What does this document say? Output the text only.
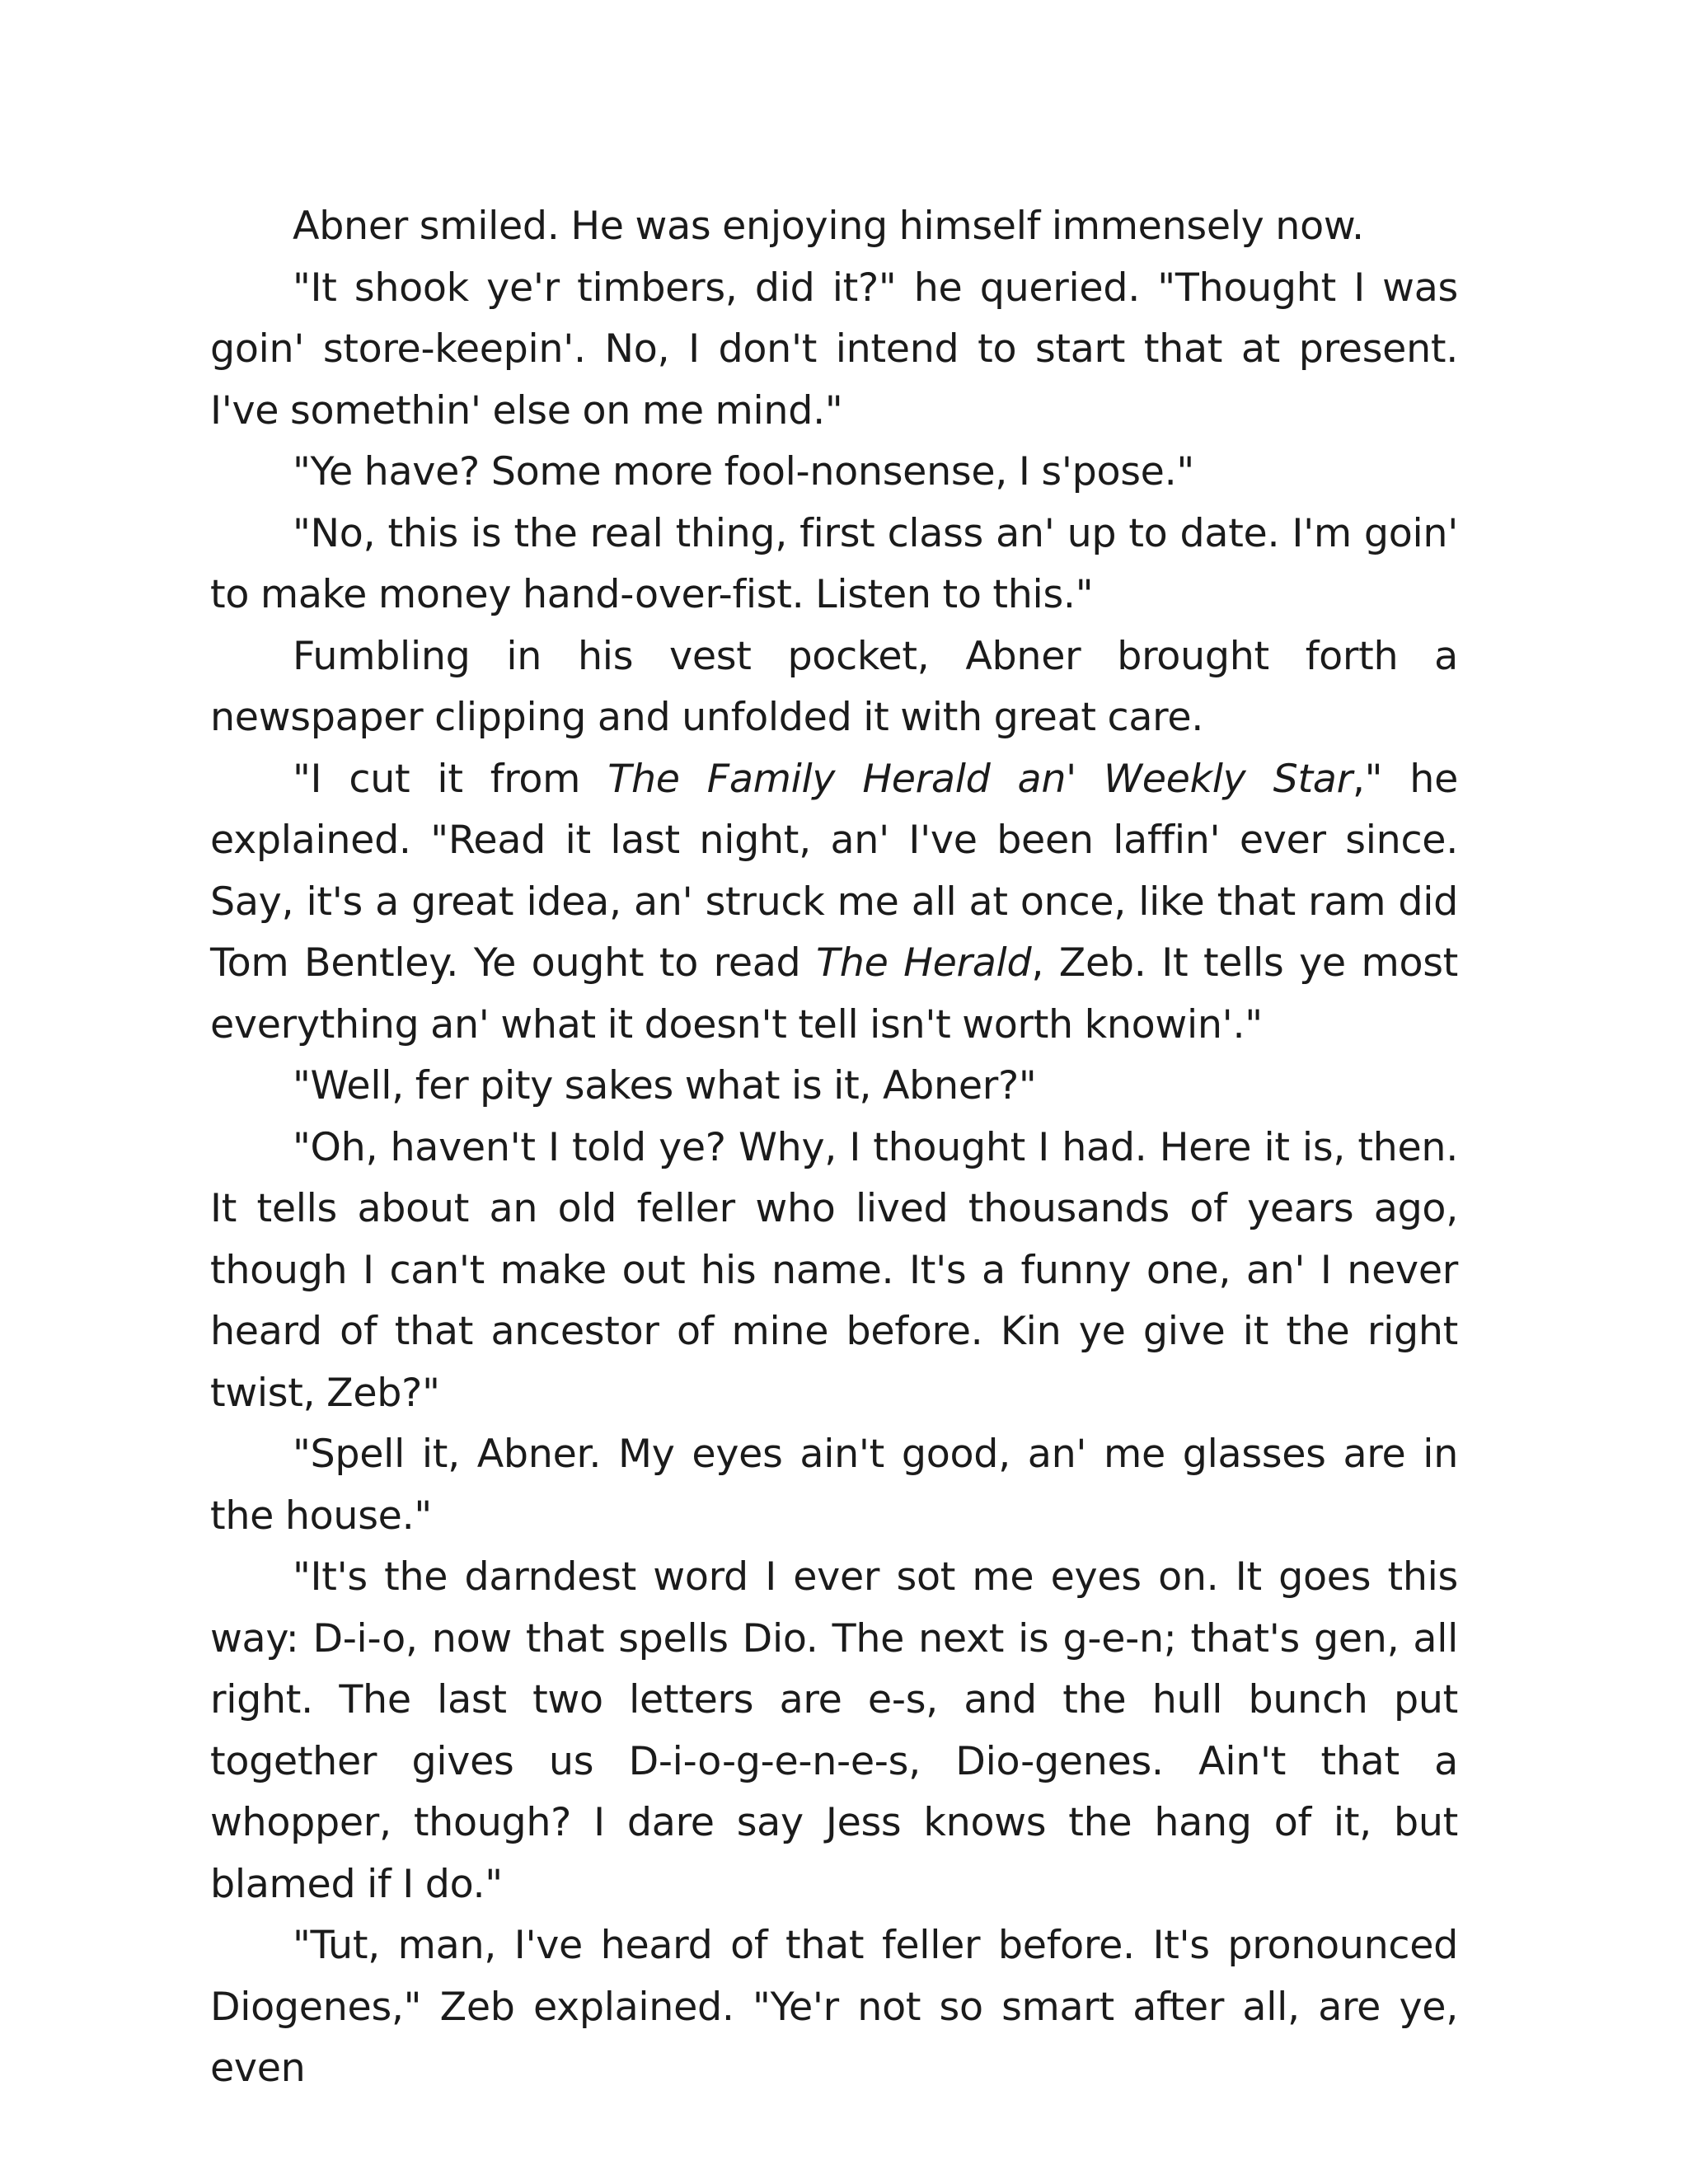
Abner smiled. He was enjoying himself immensely now.

"It shook ye'r timbers, did it?" he queried. "Thought I was goin' store-keepin'. No, I don't intend to start that at present. I've somethin' else on me mind."

"Ye have? Some more fool-nonsense, I s'pose."

"No, this is the real thing, first class an' up to date. I'm goin' to make money hand-over-fist. Listen to this."

Fumbling in his vest pocket, Abner brought forth a newspaper clipping and unfolded it with great care.

"I cut it from The Family Herald an' Weekly Star," he explained. "Read it last night, an' I've been laffin' ever since. Say, it's a great idea, an' struck me all at once, like that ram did Tom Bentley. Ye ought to read The Herald, Zeb. It tells ye most everything an' what it doesn't tell isn't worth knowin'."

"Well, fer pity sakes what is it, Abner?"

"Oh, haven't I told ye? Why, I thought I had. Here it is, then. It tells about an old feller who lived thousands of years ago, though I can't make out his name. It's a funny one, an' I never heard of that ancestor of mine before. Kin ye give it the right twist, Zeb?"

"Spell it, Abner. My eyes ain't good, an' me glasses are in the house."

"It's the darndest word I ever sot me eyes on. It goes this way: D-i-o, now that spells Dio. The next is g-e-n; that's gen, all right. The last two letters are e-s, and the hull bunch put together gives us D-i-o-g-e-n-e-s, Dio-genes. Ain't that a whopper, though? I dare say Jess knows the hang of it, but blamed if I do."

"Tut, man, I've heard of that feller before. It's pronounced Diogenes," Zeb explained. "Ye'r not so smart after all, are ye, even
